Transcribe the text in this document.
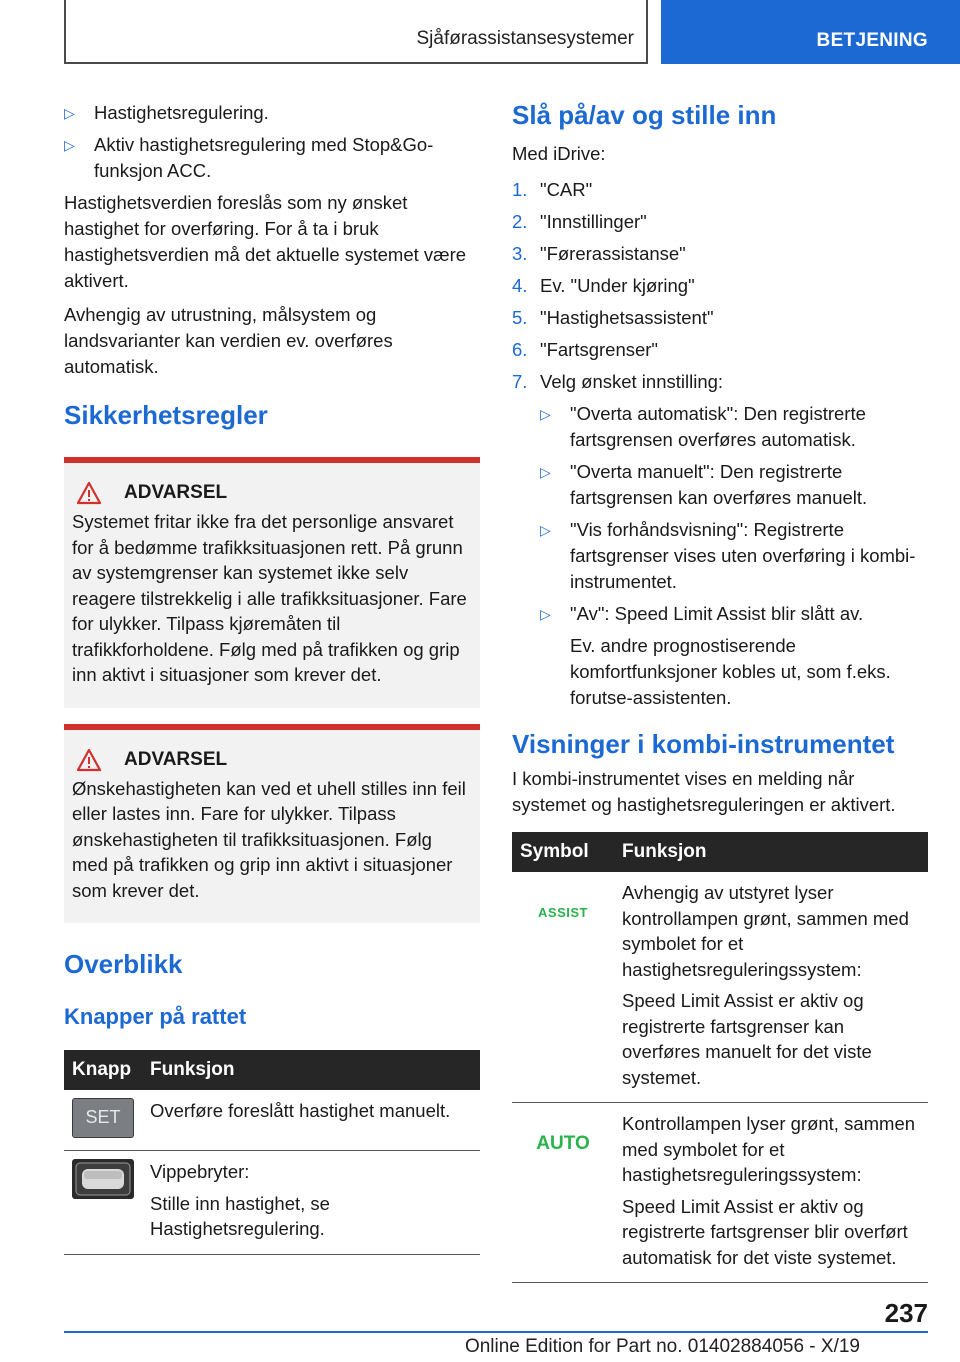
Sjåførassistansesystemer	BETJENING
▷ Hastighetsregulering.
▷ Aktiv hastighetsregulering med Stop&Go-funksjon ACC.

Hastighetsverdien foreslås som ny ønsket hastighet for overføring. For å ta i bruk hastighetsverdien må det aktuelle systemet være aktivert.

Avhengig av utrustning, målsystem og landsvarianter kan verdien ev. overføres automatisk.

Sikkerhetsregler
ADVARSEL

Systemet fritar ikke fra det personlige ansvaret for å bedømme trafikksituasjonen rett. På grunn av systemgrenser kan systemet ikke selv reagere tilstrekkelig i alle trafikksituasjoner. Fare for ulykker. Tilpass kjøremåten til trafikkforholdene. Følg med på trafikken og grip inn aktivt i situasjoner som krever det.

ADVARSEL

Ønskehastigheten kan ved et uhell stilles inn feil eller lastes inn. Fare for ulykker. Tilpass ønskehastigheten til trafikksituasjonen. Følg med på trafikken og grip inn aktivt i situasjoner som krever det.

Overblikk
Knapper på rattet
Knapp	Funksjon

SET	Overføre foreslått hastighet manuelt.

Vippebryter:
Stille inn hastighet, se Hastighetsregulering.
Slå på/av og stille inn

Med iDrive:

1. "CAR"
2. "Innstillinger"
3. "Førerassistanse"
4. Ev. "Under kjøring"
5. "Hastighetsassistent"
6. "Fartsgrenser"
7. Velg ønsket innstilling:
▷ "Overta automatisk": Den registrerte fartsgrensen overføres automatisk.
▷ "Overta manuelt": Den registrerte fartsgrensen kan overføres manuelt.
▷ "Vis forhåndsvisning": Registrerte fartsgrenser vises uten overføring i kombi-instrumentet.
▷ "Av": Speed Limit Assist blir slått av.

Ev. andre prognostiserende komfortfunksjoner kobles ut, som f.eks. forutse-assistenten.

Visninger i kombi-instrumentet

I kombi-instrumentet vises en melding når systemet og hastighetsreguleringen er aktivert.

Symbol	Funksjon

ASSIST	Avhengig av utstyret lyser kontrollampen grønt, sammen med symbolet for et hastighetsreguleringssystem:
Speed Limit Assist er aktiv og registrerte fartsgrenser kan overføres manuelt for det viste systemet.

AUTO	Kontrollampen lyser grønt, sammen med symbolet for et hastighetsreguleringssystem:
Speed Limit Assist er aktiv og registrerte fartsgrenser blir overført automatisk for det viste systemet.
237
Online Edition for Part no. 01402884056 - X/19
